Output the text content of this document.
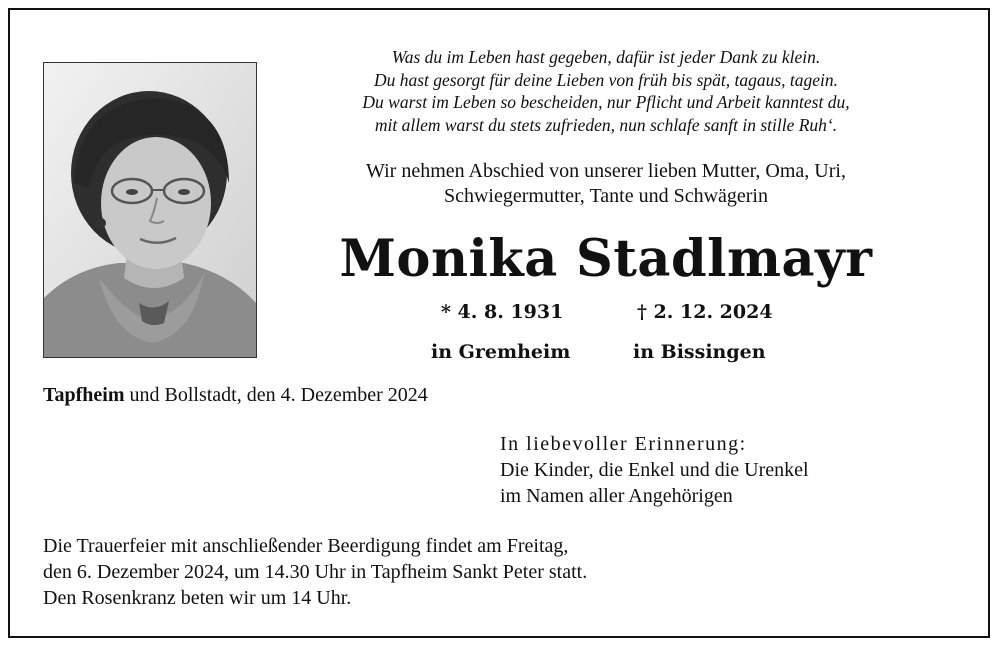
Was du im Leben hast gegeben, dafür ist jeder Dank zu klein.
Du hast gesorgt für deine Lieben von früh bis spät, tagaus, tagein.
Du warst im Leben so bescheiden, nur Pflicht und Arbeit kanntest du,
mit allem warst du stets zufrieden, nun schlafe sanft in stille Ruh‘.
Wir nehmen Abschied von unserer lieben Mutter, Oma, Uri,
Schwiegermutter, Tante und Schwägerin
Monika Stadlmayr
* 4. 8. 1931	† 2. 12. 2024
in Gremheim	in Bissingen
Tapfheim und Bollstadt, den 4. Dezember 2024
In liebevoller Erinnerung:
Die Kinder, die Enkel und die Urenkel
im Namen aller Angehörigen
Die Trauerfeier mit anschließender Beerdigung findet am Freitag,
den 6. Dezember 2024, um 14.30 Uhr in Tapfheim Sankt Peter statt.
Den Rosenkranz beten wir um 14 Uhr.
